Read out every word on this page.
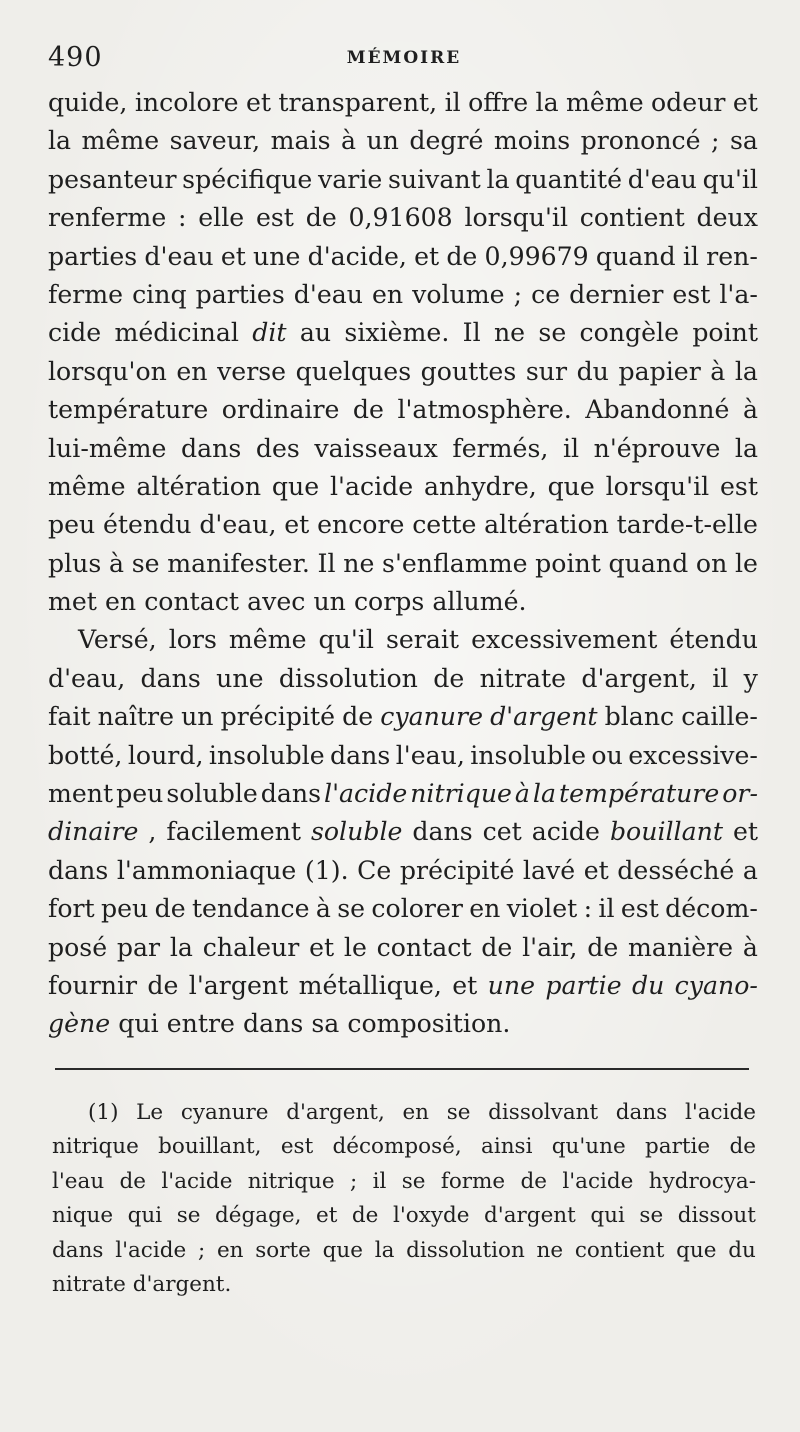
490	MÉMOIRE
quide, incolore et transparent, il offre la même odeur et
la même saveur, mais à un degré moins prononcé ; sa
pesanteur spécifique varie suivant la quantité d'eau qu'il
renferme : elle est de 0,91608 lorsqu'il contient deux
parties d'eau et une d'acide, et de 0,99679 quand il ren-
ferme cinq parties d'eau en volume ; ce dernier est l'a-
cide médicinal dit au sixième. Il ne se congèle point
lorsqu'on en verse quelques gouttes sur du papier à la
température ordinaire de l'atmosphère. Abandonné à
lui-même dans des vaisseaux fermés, il n'éprouve la
même altération que l'acide anhydre, que lorsqu'il est
peu étendu d'eau, et encore cette altération tarde-t-elle
plus à se manifester. Il ne s'enflamme point quand on le
met en contact avec un corps allumé.
Versé, lors même qu'il serait excessivement étendu
d'eau, dans une dissolution de nitrate d'argent, il y
fait naître un précipité de cyanure d'argent blanc caille-
botté, lourd, insoluble dans l'eau, insoluble ou excessive-
ment peu soluble dans l'acide nitrique à la température or-
dinaire , facilement soluble dans cet acide bouillant et
dans l'ammoniaque (1). Ce précipité lavé et desséché a
fort peu de tendance à se colorer en violet : il est décom-
posé par la chaleur et le contact de l'air, de manière à
fournir de l'argent métallique, et une partie du cyano-
gène qui entre dans sa composition.
(1) Le cyanure d'argent, en se dissolvant dans l'acide
nitrique bouillant, est décomposé, ainsi qu'une partie de
l'eau de l'acide nitrique ; il se forme de l'acide hydrocya-
nique qui se dégage, et de l'oxyde d'argent qui se dissout
dans l'acide ; en sorte que la dissolution ne contient que du
nitrate d'argent.
